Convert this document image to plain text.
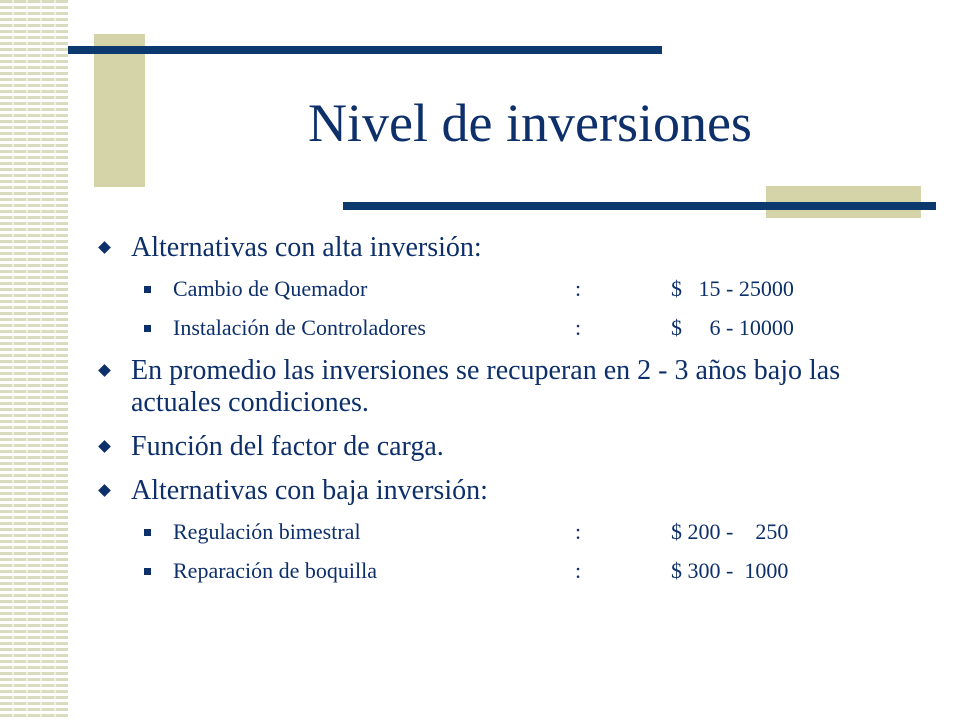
Nivel de inversiones
Alternativas con alta inversión:
Cambio de Quemador	:	$   15 - 25000
Instalación de Controladores	:	$     6 - 10000
En promedio las inversiones se recuperan en 2 - 3 años bajo las actuales condiciones.
Función del factor de carga.
Alternativas con baja inversión:
Regulación bimestral	:	$ 200 -    250
Reparación de boquilla	:	$ 300 -  1000
